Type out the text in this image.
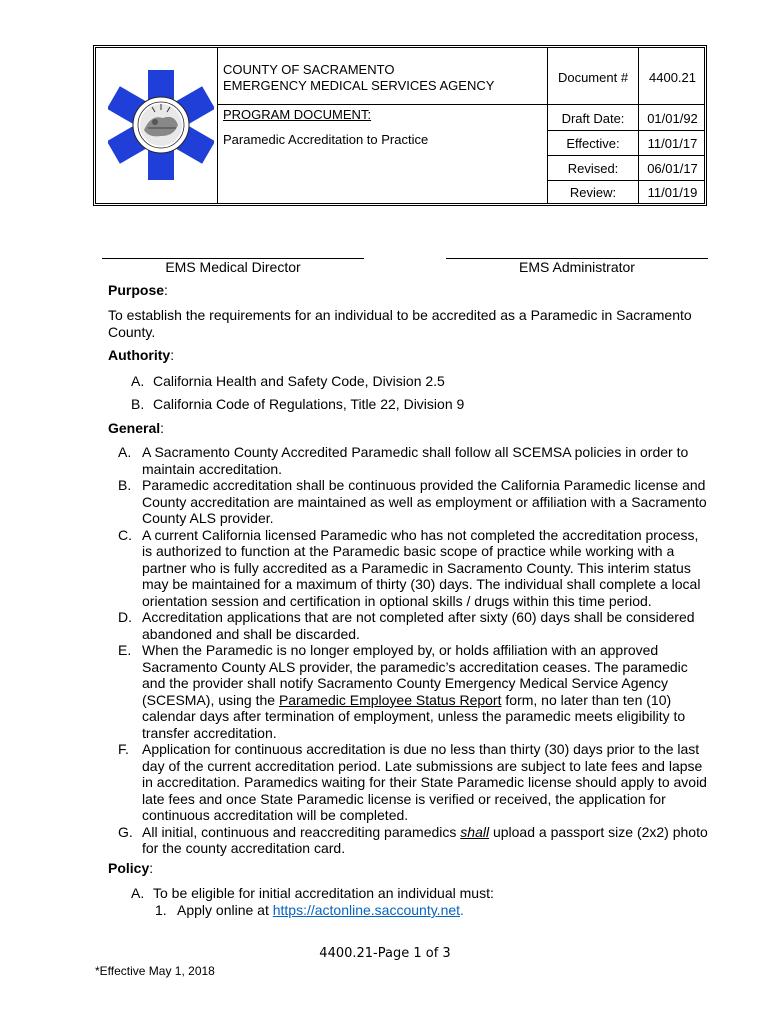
COUNTY OF SACRAMENTO
EMERGENCY MEDICAL SERVICES AGENCY
PROGRAM DOCUMENT:
Paramedic Accreditation to Practice
Document #	4400.21
Draft Date:	01/01/92
Effective:	11/01/17
Revised:	06/01/17
Review:	11/01/19
EMS Medical Director	EMS Administrator
Purpose:
To establish the requirements for an individual to be accredited as a Paramedic in Sacramento County.
Authority:
A. California Health and Safety Code, Division 2.5
B. California Code of Regulations, Title 22, Division 9
General:
A. A Sacramento County Accredited Paramedic shall follow all SCEMSA policies in order to maintain accreditation.
B. Paramedic accreditation shall be continuous provided the California Paramedic license and County accreditation are maintained as well as employment or affiliation with a Sacramento County ALS provider.
C. A current California licensed Paramedic who has not completed the accreditation process, is authorized to function at the Paramedic basic scope of practice while working with a partner who is fully accredited as a Paramedic in Sacramento County. This interim status may be maintained for a maximum of thirty (30) days. The individual shall complete a local orientation session and certification in optional skills / drugs within this time period.
D. Accreditation applications that are not completed after sixty (60) days shall be considered abandoned and shall be discarded.
E. When the Paramedic is no longer employed by, or holds affiliation with an approved Sacramento County ALS provider, the paramedic’s accreditation ceases. The paramedic and the provider shall notify Sacramento County Emergency Medical Service Agency (SCESMA), using the Paramedic Employee Status Report form, no later than ten (10) calendar days after termination of employment, unless the paramedic meets eligibility to transfer accreditation.
F. Application for continuous accreditation is due no less than thirty (30) days prior to the last day of the current accreditation period. Late submissions are subject to late fees and lapse in accreditation. Paramedics waiting for their State Paramedic license should apply to avoid late fees and once State Paramedic license is verified or received, the application for continuous accreditation will be completed.
G. All initial, continuous and reaccrediting paramedics shall upload a passport size (2x2) photo for the county accreditation card.
Policy:
A. To be eligible for initial accreditation an individual must:
1. Apply online at https://actonline.saccounty.net.
4400.21-Page 1 of 3
*Effective May 1, 2018
